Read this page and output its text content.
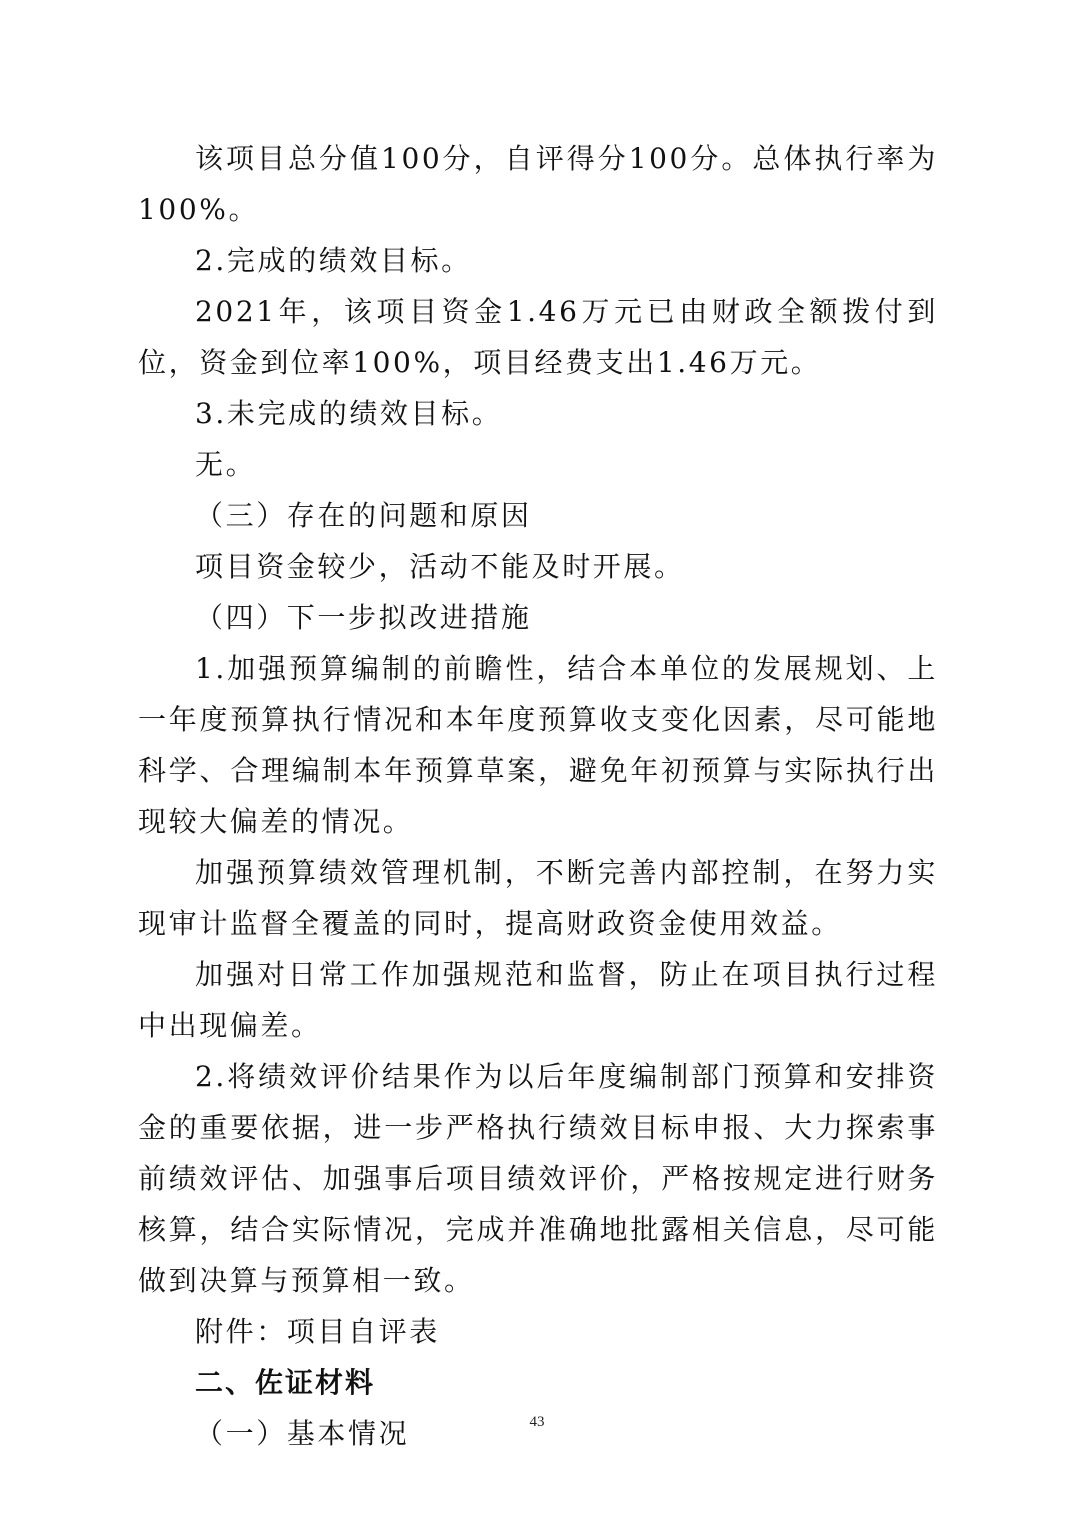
该项目总分值100分，自评得分100分。总体执行率为100%。

2.完成的绩效目标。

2021年，该项目资金1.46万元已由财政全额拨付到位，资金到位率100%，项目经费支出1.46万元。

3.未完成的绩效目标。

无。

（三）存在的问题和原因

项目资金较少，活动不能及时开展。

（四）下一步拟改进措施

1.加强预算编制的前瞻性，结合本单位的发展规划、上一年度预算执行情况和本年度预算收支变化因素，尽可能地科学、合理编制本年预算草案，避免年初预算与实际执行出现较大偏差的情况。

加强预算绩效管理机制，不断完善内部控制，在努力实现审计监督全覆盖的同时，提高财政资金使用效益。

加强对日常工作加强规范和监督，防止在项目执行过程中出现偏差。

2.将绩效评价结果作为以后年度编制部门预算和安排资金的重要依据，进一步严格执行绩效目标申报、大力探索事前绩效评估、加强事后项目绩效评价，严格按规定进行财务核算，结合实际情况，完成并准确地批露相关信息，尽可能做到决算与预算相一致。

附件：项目自评表

二、佐证材料

（一）基本情况	43
